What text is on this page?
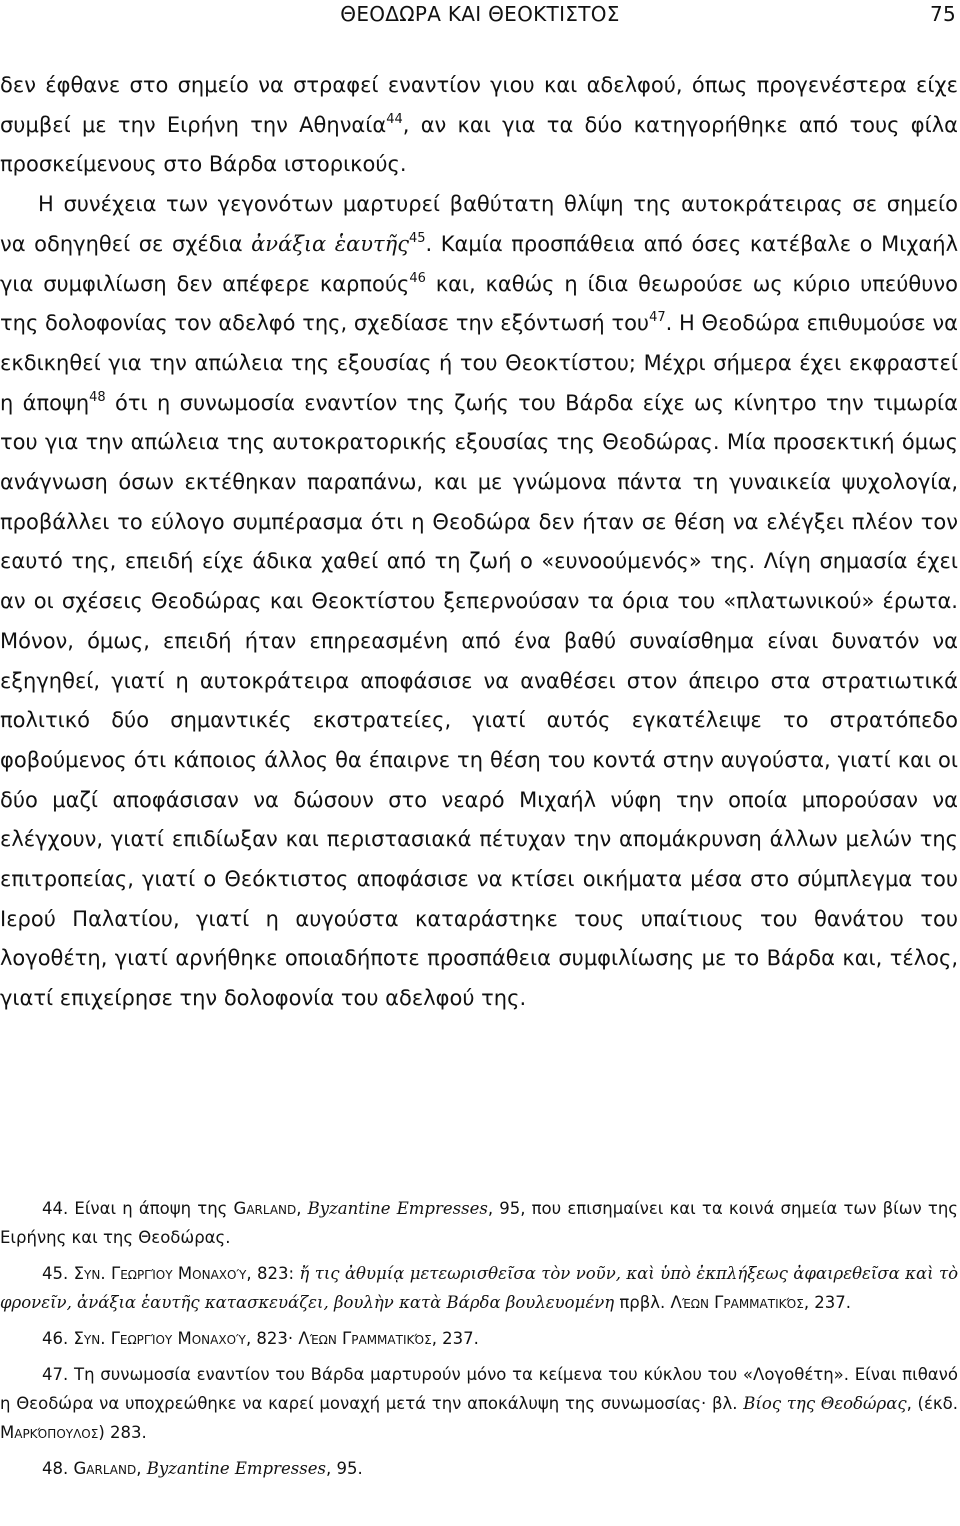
ΘΕΟΔΩΡΑ ΚΑΙ ΘΕΟΚΤΙΣΤΟΣ	75

δεν έφθανε στο σημείο να στραφεί εναντίον γιου και αδελφού, όπως προγενέστερα είχε συμβεί με την Ειρήνη την Αθηναία$^{44}$, αν και για τα δύο κατηγορήθηκε από τους φίλα προσκείμενους στο Βάρδα ιστορικούς.

Η συνέχεια των γεγονότων μαρτυρεί βαθύτατη θλίψη της αυτοκράτειρας σε σημείο να οδηγηθεί σε σχέδια ἀνάξια ἑαυτῆς$^{45}$. Καμία προσπάθεια από όσες κατέβαλε ο Μιχαήλ για συμφιλίωση δεν απέφερε καρπούς$^{46}$ και, καθώς η ίδια θεωρούσε ως κύριο υπεύθυνο της δολοφονίας τον αδελφό της, σχεδίασε την εξόντωσή του$^{47}$. Η Θεοδώρα επιθυμούσε να εκδικηθεί για την απώλεια της εξουσίας ή του Θεοκτίστου; Μέχρι σήμερα έχει εκφραστεί η άποψη$^{48}$ ότι η συνωμοσία εναντίον της ζωής του Βάρδα είχε ως κίνητρο την τιμωρία του για την απώλεια της αυτοκρατορικής εξουσίας της Θεοδώρας. Μία προσεκτική όμως ανάγνωση όσων εκτέθηκαν παραπάνω, και με γνώμονα πάντα τη γυναικεία ψυχολογία, προβάλλει το εύλογο συμπέρασμα ότι η Θεοδώρα δεν ήταν σε θέση να ελέγξει πλέον τον εαυτό της, επειδή είχε άδικα χαθεί από τη ζωή ο «ευνοούμενός» της. Λίγη σημασία έχει αν οι σχέσεις Θεοδώρας και Θεοκτίστου ξεπερνούσαν τα όρια του «πλατωνικού» έρωτα. Μόνον, όμως, επειδή ήταν επηρεασμένη από ένα βαθύ συναίσθημα είναι δυνατόν να εξηγηθεί, γιατί η αυτοκράτειρα αποφάσισε να αναθέσει στον άπειρο στα στρατιωτικά πολιτικό δύο σημαντικές εκστρατείες, γιατί αυτός εγκατέλειψε το στρατόπεδο φοβούμενος ότι κάποιος άλλος θα έπαιρνε τη θέση του κοντά στην αυγούστα, γιατί και οι δύο μαζί αποφάσισαν να δώσουν στο νεαρό Μιχαήλ νύφη την οποία μπορούσαν να ελέγχουν, γιατί επιδίωξαν και περιστασιακά πέτυχαν την απομάκρυνση άλλων μελών της επιτροπείας, γιατί ο Θεόκτιστος αποφάσισε να κτίσει οικήματα μέσα στο σύμπλεγμα του Ιερού Παλατίου, γιατί η αυγούστα καταράστηκε τους υπαίτιους του θανάτου του λογοθέτη, γιατί αρνήθηκε οποιαδήποτε προσπάθεια συμφιλίωσης με το Βάρδα και, τέλος, γιατί επιχείρησε την δολοφονία του αδελφού της.

44. Είναι η άποψη της Garland, Byzantine Empresses, 95, που επισημαίνει και τα κοινά σημεία των βίων της Ειρήνης και της Θεοδώρας.

45. Συν. Γεωργίου Μοναχού, 823: ἤ τις ἀθυμίᾳ μετεωρισθεῖσα τὸν νοῦν, καὶ ὑπὸ ἐκπλήξεως ἀφαιρεθεῖσα καὶ τὸ φρονεῖν, ἀνάξια ἑαυτῆς κατασκευάζει, βουλὴν κατὰ Βάρδα βουλευομένη πρβλ. Λέων Γραμματικός, 237.

46. Συν. Γεωργίου Μοναχού, 823· Λέων Γραμματικός, 237.

47. Τη συνωμοσία εναντίον του Βάρδα μαρτυρούν μόνο τα κείμενα του κύκλου του «Λογοθέτη». Είναι πιθανό η Θεοδώρα να υποχρεώθηκε να καρεί μοναχή μετά την αποκάλυψη της συνωμοσίας· βλ. Βίος της Θεοδώρας, (έκδ. Μαρκόπουλος) 283.

48. Garland, Byzantine Empresses, 95.
